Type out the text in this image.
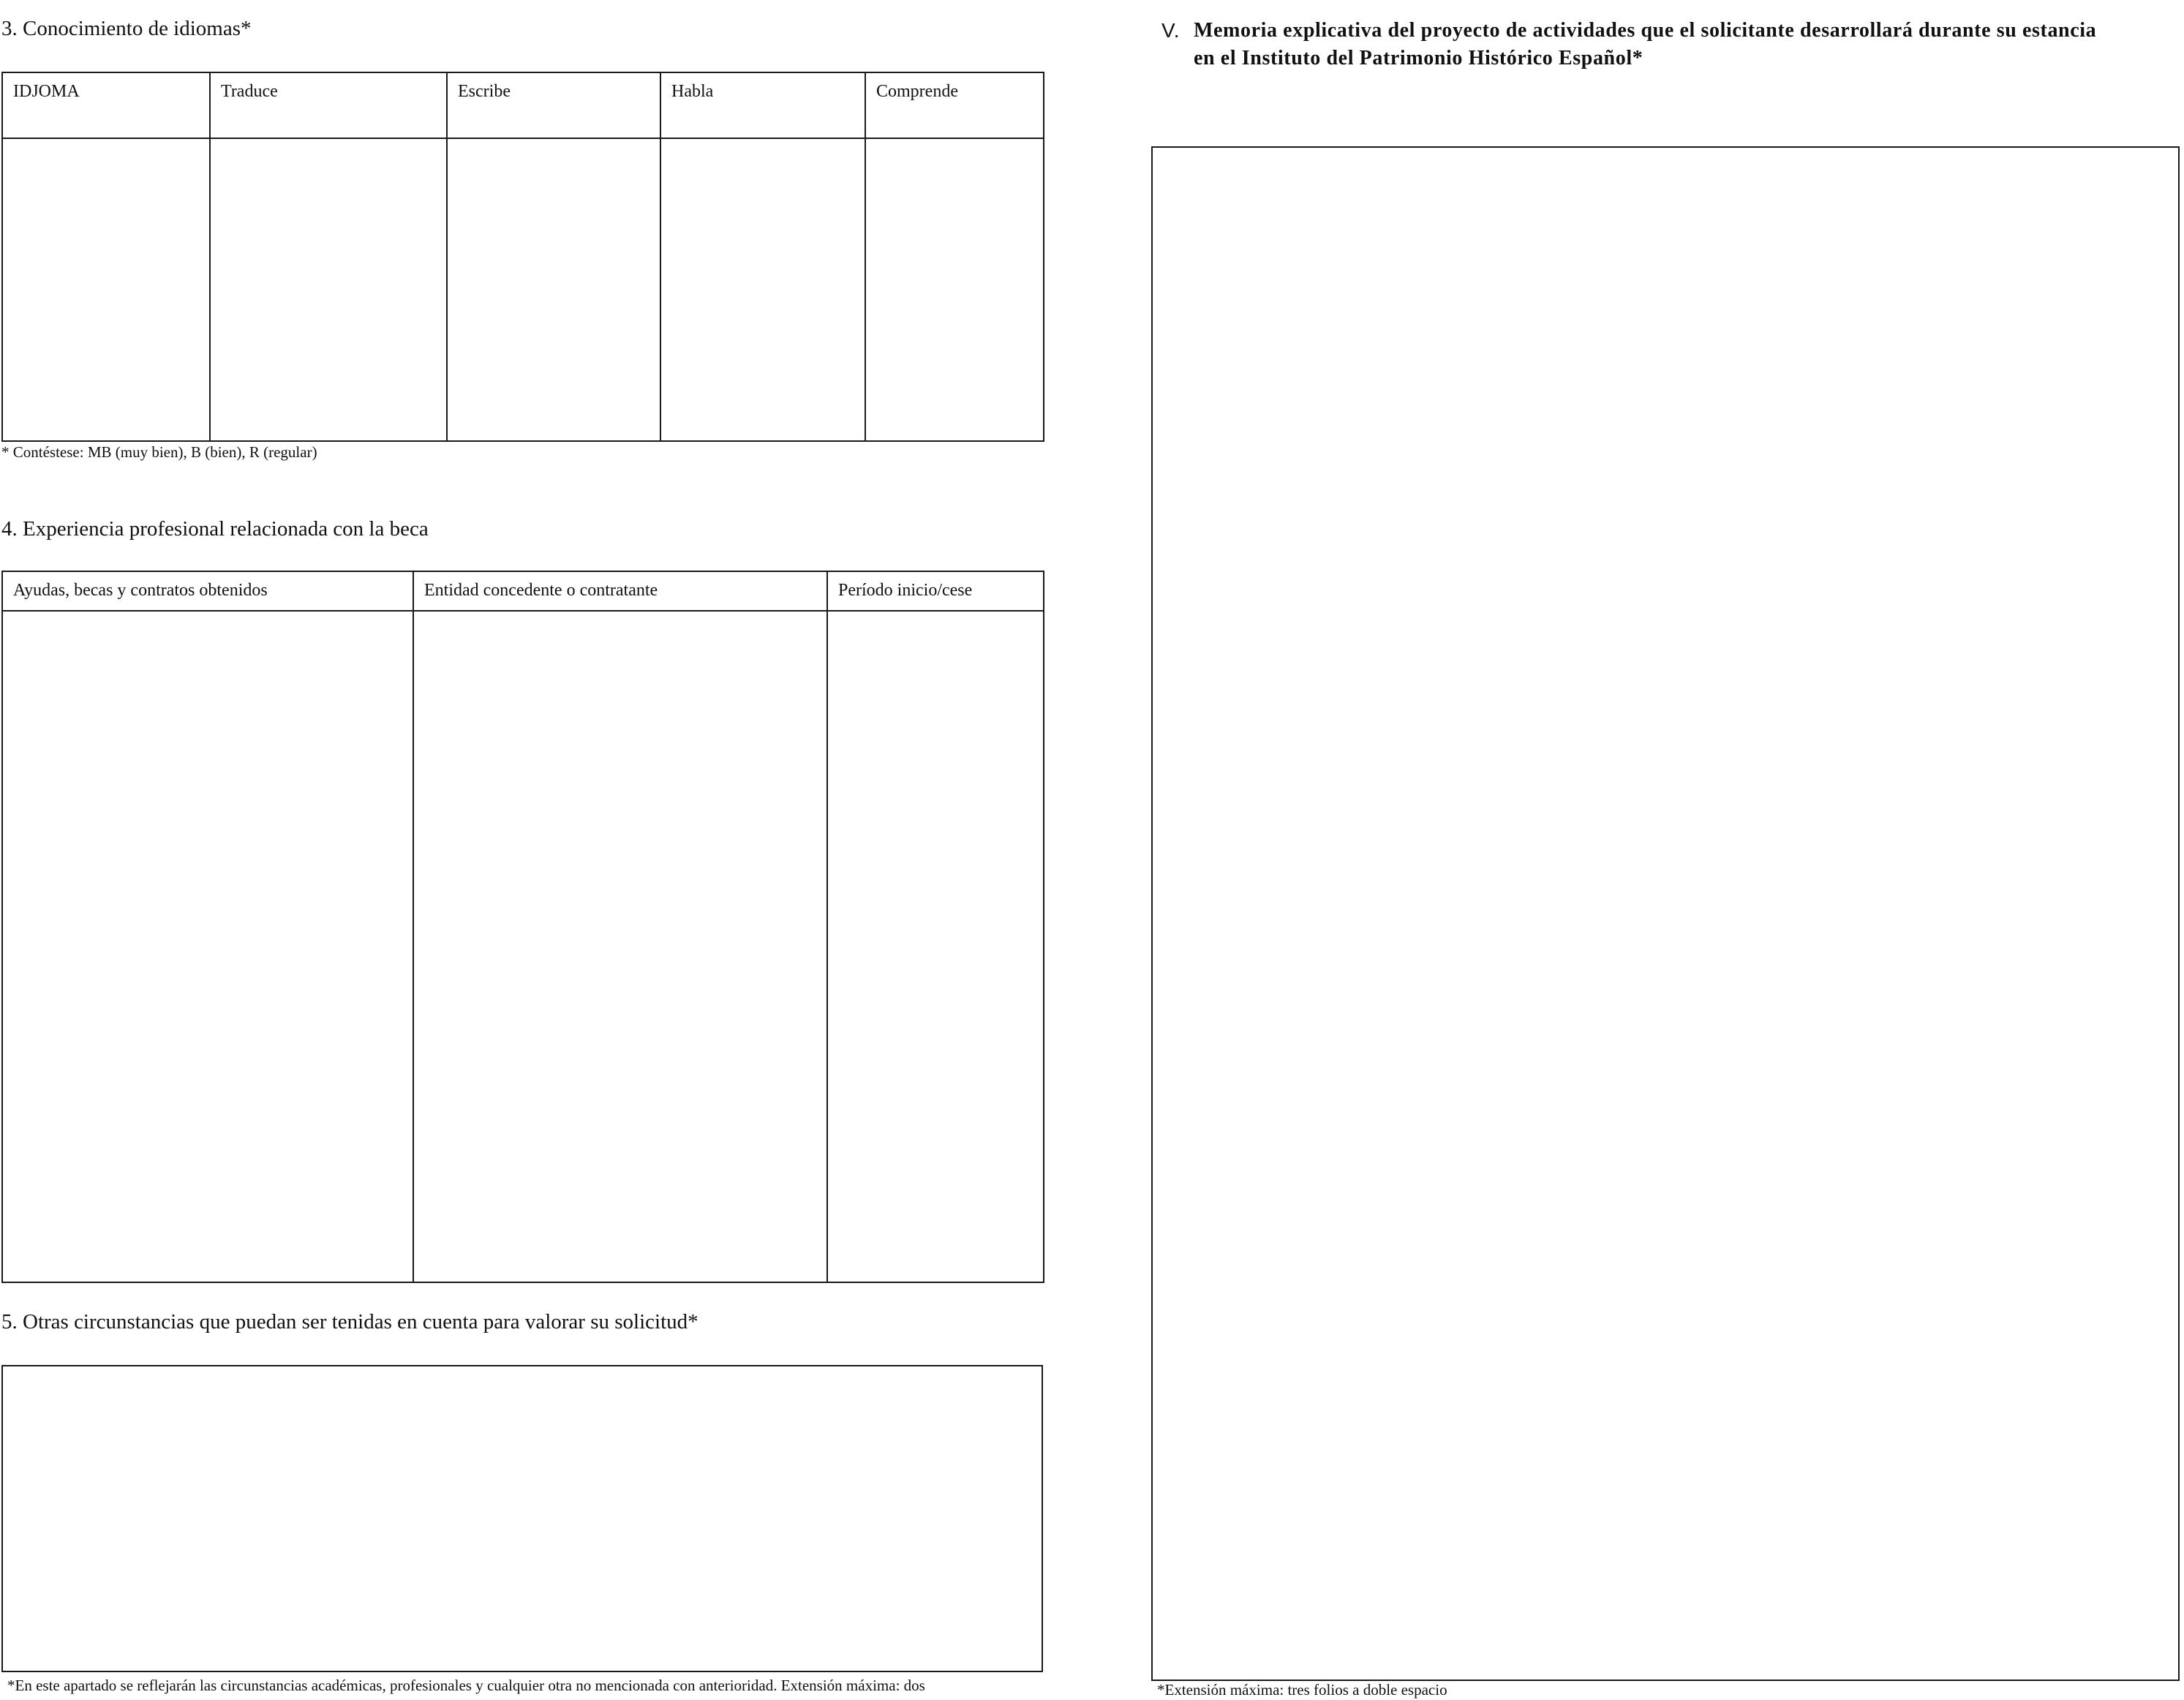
3. Conocimiento de idiomas*
IDJOMA	Traduce	Escribe	Habla	Comprende

* Contéstese: MB (muy bien), B (bien), R (regular)
4. Experiencia profesional relacionada con la beca
Ayudas, becas y contratos obtenidos	Entidad concedente o contratante	Período inicio/cese

5. Otras circunstancias que puedan ser tenidas en cuenta para valorar su solicitud*
*En este apartado se reflejarán las circunstancias académicas, profesionales y cualquier otra no mencionada con anterioridad. Extensión máxima: dos
V. Memoria explicativa del proyecto de actividades que el solicitante desarrollará durante su estancia
en el Instituto del Patrimonio Histórico Español*
*Extensión máxima: tres folios a doble espacio
